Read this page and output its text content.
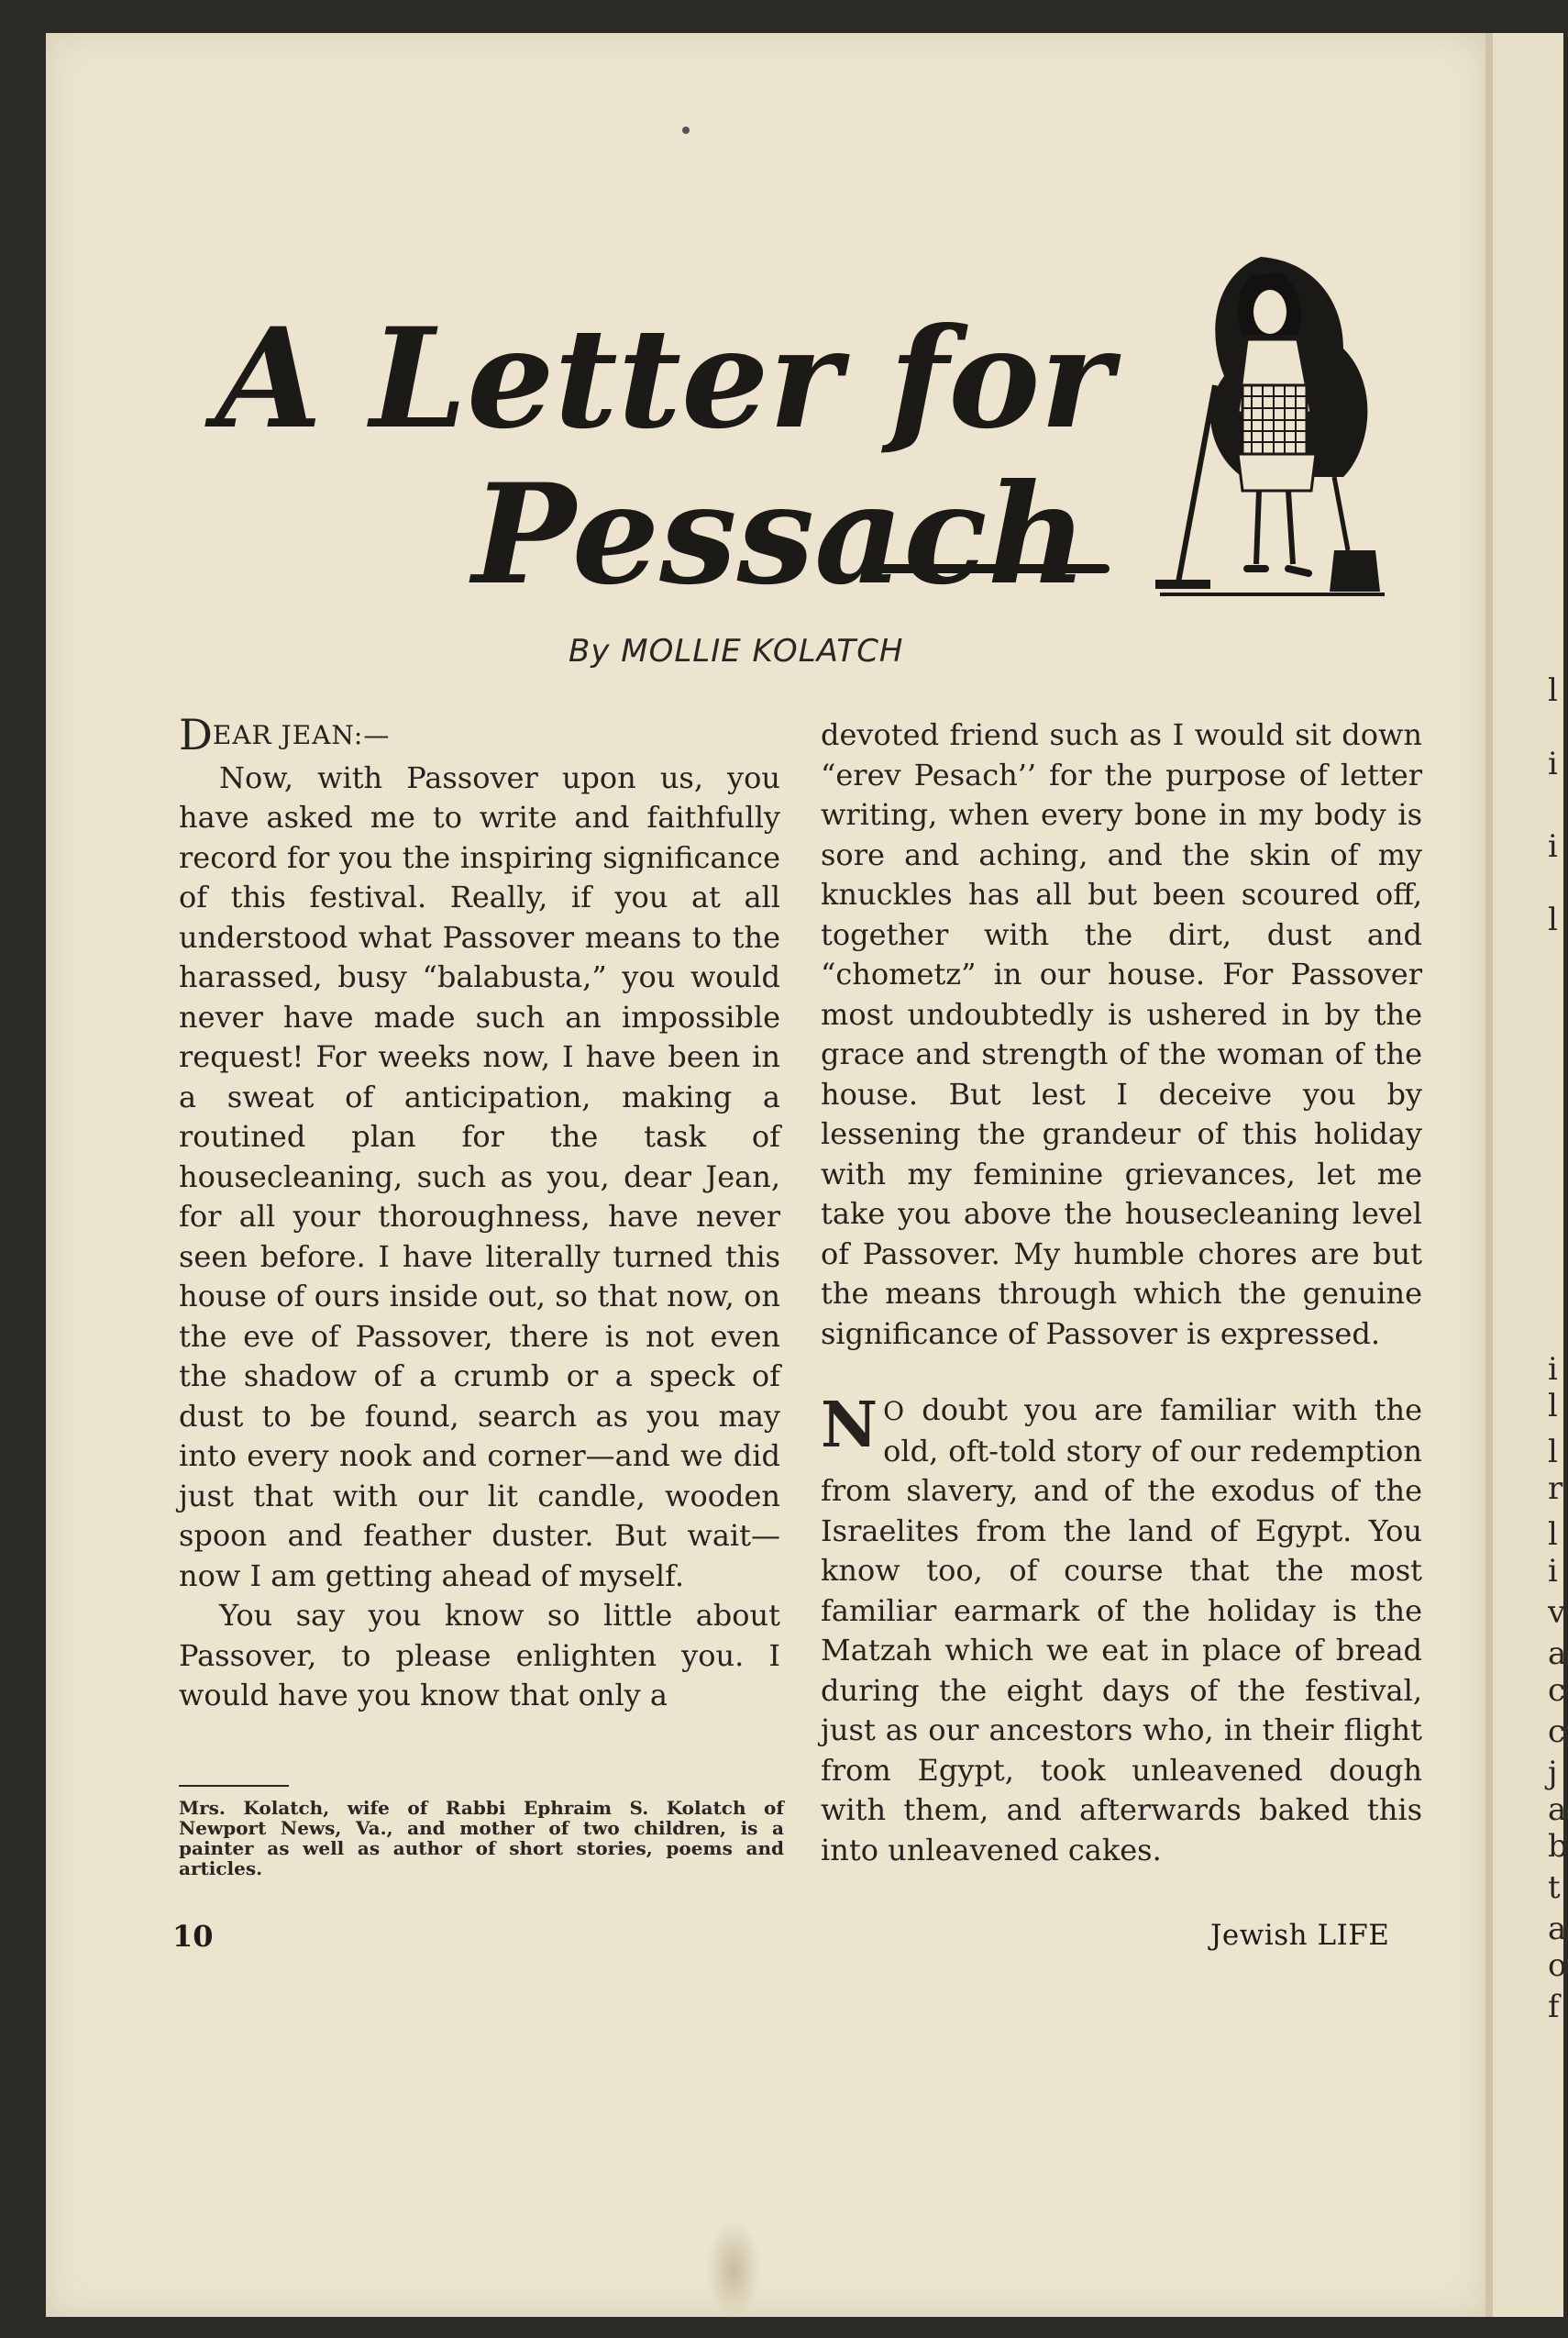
l
i
i
l
i
l
l
r
l
i
v
a
c
c
j
a
b
t
a
o
f
A Letter for
Pessach
By MOLLIE KOLATCH

DEAR JEAN:—

Now, with Passover upon us, you have asked me to write and faithfully record for you the inspiring significance of this festival. Really, if you at all understood what Passover means to the harassed, busy “balabusta,” you would never have made such an impossible request! For weeks now, I have been in a sweat of anticipation, making a routined plan for the task of housecleaning, such as you, dear Jean, for all your thoroughness, have never seen before. I have literally turned this house of ours inside out, so that now, on the eve of Passover, there is not even the shadow of a crumb or a speck of dust to be found, search as you may into every nook and corner—and we did just that with our lit candle, wooden spoon and feather duster. But wait—now I am getting ahead of myself.

You say you know so little about Passover, to please enlighten you. I would have you know that only a

devoted friend such as I would sit down “erev Pesach’’ for the purpose of letter writing, when every bone in my body is sore and aching, and the skin of my knuckles has all but been scoured off, together with the dirt, dust and “chometz” in our house. For Passover most undoubtedly is ushered in by the grace and strength of the woman of the house. But lest I deceive you by lessening the grandeur of this holiday with my feminine grievances, let me take you above the housecleaning level of Passover. My humble chores are but the means through which the genuine significance of Passover is expressed.

N O doubt you are familiar with the old, oft-told story of our redemption from slavery, and of the exodus of the Israelites from the land of Egypt. You know too, of course that the most familiar earmark of the holiday is the Matzah which we eat in place of bread during the eight days of the festival, just as our ancestors who, in their flight from Egypt, took unleavened dough with them, and afterwards baked this into unleavened cakes.

Mrs. Kolatch, wife of Rabbi Ephraim S. Kolatch of Newport News, Va., and mother of two children, is a painter as well as author of short stories, poems and articles.
10	Jewish LIFE
